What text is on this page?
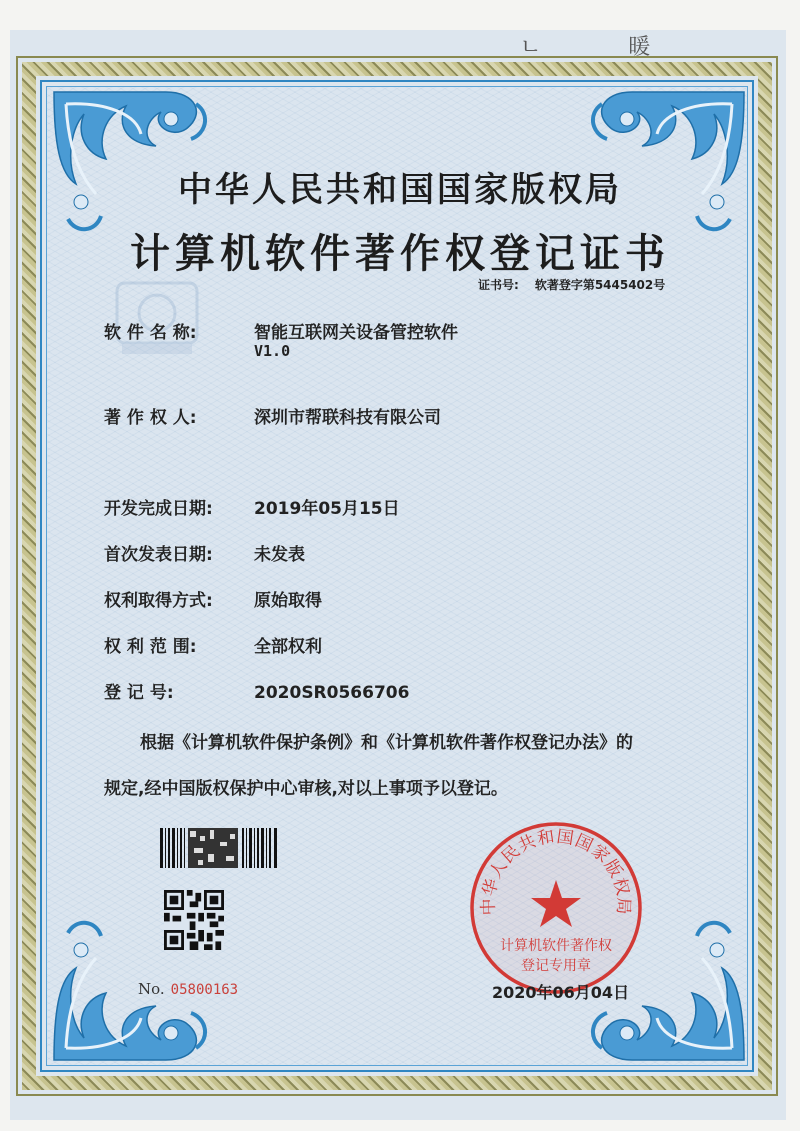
ㄴ 暖
中华人民共和国国家版权局
计算机软件著作权登记证书
证书号: 软著登字第5445402号
软 件 名 称:	智能互联网关设备管控软件
V1.0
著 作 权 人:	深圳市帮联科技有限公司
开发完成日期: 2019年05月15日
首次发表日期: 未发表
权利取得方式: 原始取得
权 利 范 围:	全部权利
登 记 号:	2020SR0566706
根据《计算机软件保护条例》和《计算机软件著作权登记办法》的
规定,经中国版权保护中心审核,对以上事项予以登记。
No. 05800163
中华人民共和国国家版权局
计算机软件著作权
登记专用章
2020年06月04日
